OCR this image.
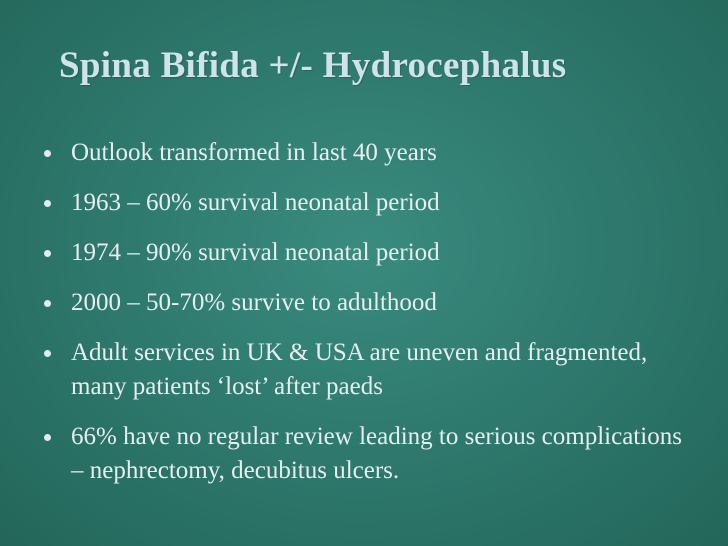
Spina Bifida +/- Hydrocephalus
Outlook transformed in last 40 years
1963 – 60% survival neonatal period
1974 – 90% survival neonatal period
2000 – 50-70% survive to adulthood
Adult services in UK & USA are uneven and fragmented, many patients ‘lost’ after paeds
66% have no regular review leading to serious complications – nephrectomy, decubitus ulcers.
